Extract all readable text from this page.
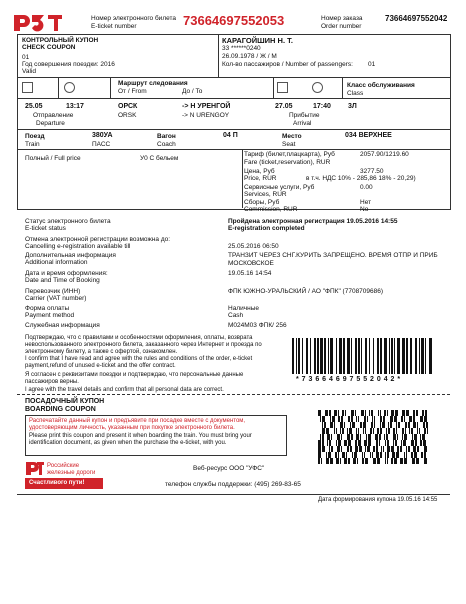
Номер электронного билета
E-ticket number	73664697552053	Номер заказа
Order number
73664697552042
КОНТРОЛЬНЫЙ КУПОН
CHECK COUPON
01
Год совершения поездки: 2016
Valid
КАРАГОЙШИН Н. Т.
33 ******0240
26.09.1978 / Ж / M
Кол-во пассажиров / Number of passengers: 01
Маршрут следования
От / From	До / To
Класс обслуживания
Class
25.05	13:17	ОРСК
ORSK
-> Н УРЕНГОЙ
-> N URENGOY
27.05	17:40 3Л
Отправление
Departure
Прибытие
Arrival
Поезд
Train
380УА
ПАСС
Вагон
Coach
04 П	Место
Seat
034 ВЕРХНЕЕ
Полный / Full price	У0 С бельем
Тариф (билет,плацкарта), Руб
Fare (ticket,reservation), RUR
2057.90/1219.60
Цена, Руб
Price, RUR
3277.50
в т.ч. НДС 10% - 285,86 18% - 20,29)
Сервисные услуги, Руб
Services, RUR
0.00
Сборы, Руб
Commission, RUR
Нет
No
Статус электронного билета
E-ticket status
Пройдена электронная регистрация 19.05.2016 14:55
E-registration completed
Отмена электронной регистрации возможна до:
Cancelling e-registration available till	25.05.2016 06:50
Дополнительная информация
Additional information
ТРАНЗИТ ЧЕРЕЗ СНГ.КУРИТЬ ЗАПРЕЩЕНО. ВРЕМЯ ОТПР И ПРИБ МОСКОВСКОЕ
Дата и время оформления:
Date and Time of Booking
19.05.16 14:54
Перевозчик (ИНН)
Carrier (VAT number)
ФПК ЮЖНО-УРАЛЬСКИЙ / АО "ФПК" (7708709686)
Форма оплаты
Payment method
Наличные
Cash
Служебная информация	М024М03 ФПК/ 256
Подтверждаю, что с правилами и особенностями оформления, оплаты, возврата невоспользованного электронного билета, заказанного через Интернет и проезда по электронному билету, а также с офертой, ознакомлен.
I confirm that I have read and agree with the rules and conditions of the order, e-ticket payment,refund of unused e-ticket and the offer contract.
Я согласен с реквизитами поездки и подтверждаю, что персональные данные пассажиров верны.
I agree with the travel details and confirm that all personal data are correct.
* 7 3 6 6 4 6 9 7 5 5 2 0 4 2 *
ПОСАДОЧНЫЙ КУПОН
BOARDING COUPON
Распечатайте данный купон и предъявите при посадке вместе с документом, удостоверяющим личность, указанным при покупке электронного билета.
Please print this coupon and present it when boarding the train. You must bring your identification document, as given when the purchase the e-ticket, with you.
Российские
железные дороги
Счастливого пути!
Веб-ресурс ООО "УФС"
телефон службы поддержки: (495) 269-83-65
Дата формирования купона 19.05.16 14:55
